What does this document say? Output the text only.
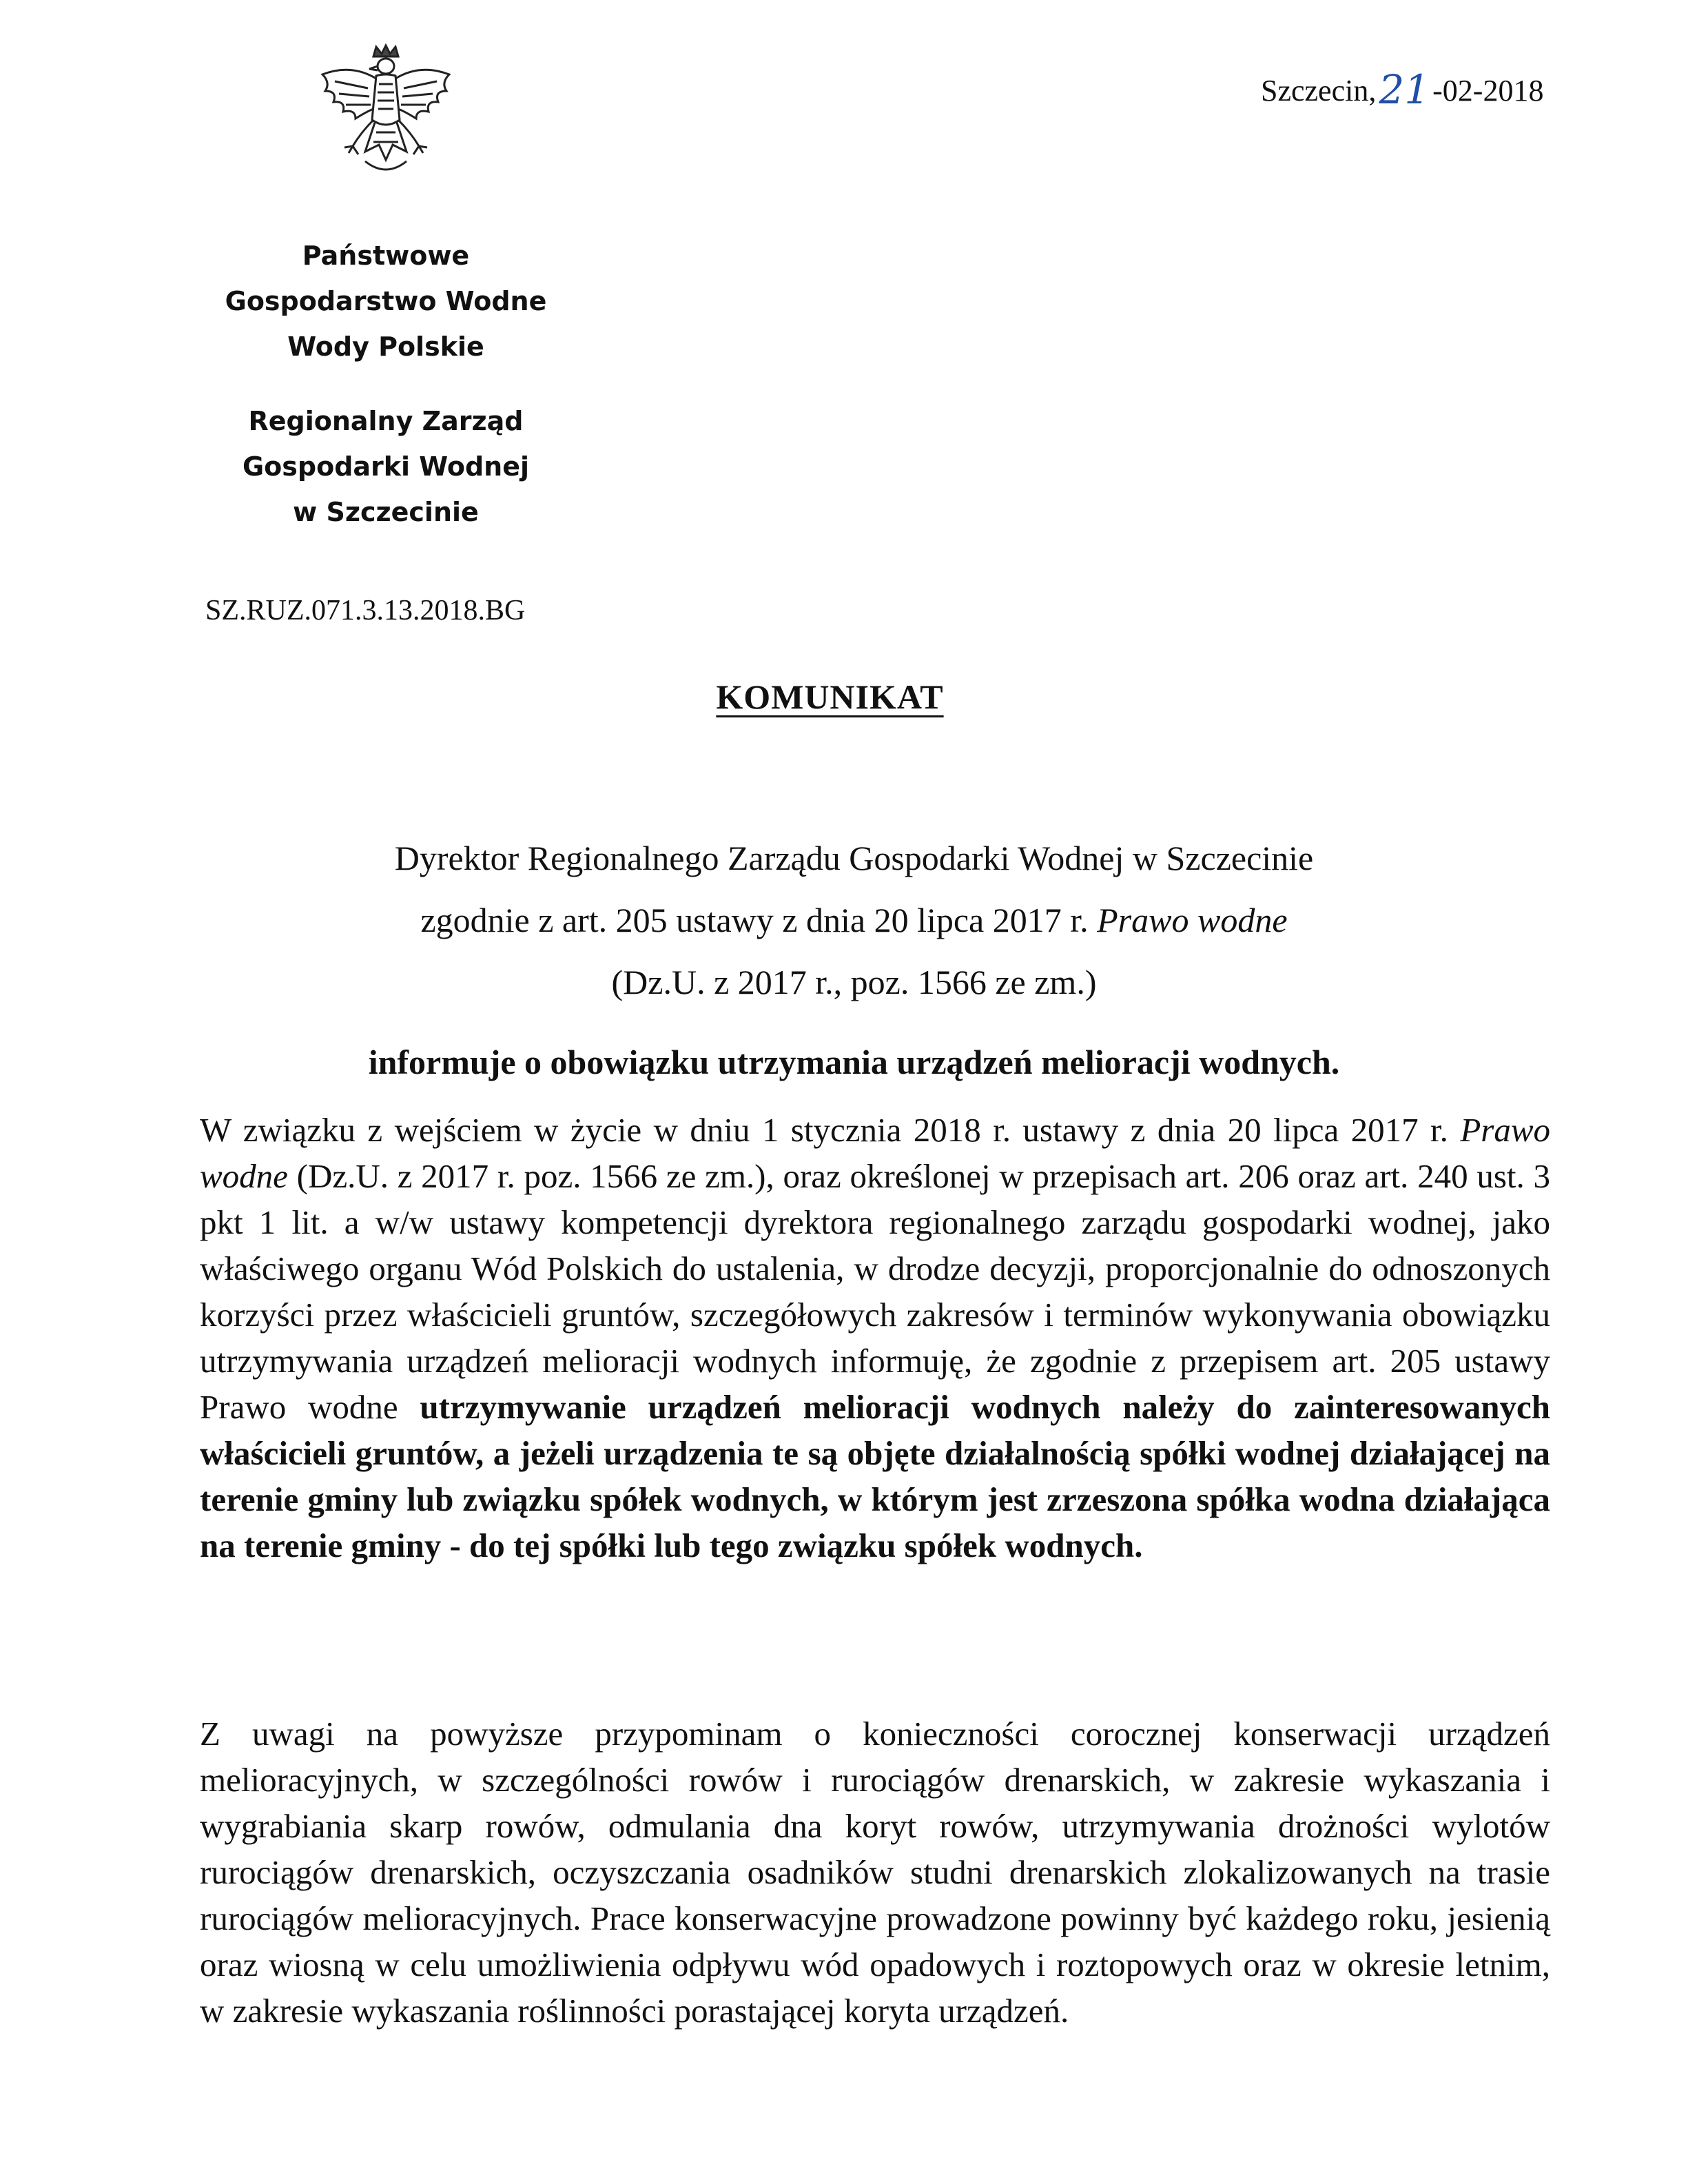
Szczecin,21-02-2018
Państwowe
Gospodarstwo Wodne
Wody Polskie
Regionalny Zarząd
Gospodarki Wodnej
w Szczecinie
SZ.RUZ.071.3.13.2018.BG
KOMUNIKAT
Dyrektor Regionalnego Zarządu Gospodarki Wodnej w Szczecinie
zgodnie z art. 205 ustawy z dnia 20 lipca 2017 r. Prawo wodne
(Dz.U. z 2017 r., poz. 1566 ze zm.)
informuje o obowiązku utrzymania urządzeń melioracji wodnych.
W związku z wejściem w życie w dniu 1 stycznia 2018 r. ustawy z dnia 20 lipca 2017 r. Prawo wodne (Dz.U. z 2017 r. poz. 1566 ze zm.), oraz określonej w przepisach art. 206 oraz art. 240 ust. 3 pkt 1 lit. a w/w ustawy kompetencji dyrektora regionalnego zarządu gospodarki wodnej, jako właściwego organu Wód Polskich do ustalenia, w drodze decyzji, proporcjonalnie do odnoszonych korzyści przez właścicieli gruntów, szczegółowych zakresów i terminów wykonywania obowiązku utrzymywania urządzeń melioracji wodnych informuję, że zgodnie z przepisem art. 205 ustawy Prawo wodne utrzymywanie urządzeń melioracji wodnych należy do zainteresowanych właścicieli gruntów, a jeżeli urządzenia te są objęte działalnością spółki wodnej działającej na terenie gminy lub związku spółek wodnych, w którym jest zrzeszona spółka wodna działająca na terenie gminy - do tej spółki lub tego związku spółek wodnych.
Z uwagi na powyższe przypominam o konieczności corocznej konserwacji urządzeń melioracyjnych, w szczególności rowów i rurociągów drenarskich, w zakresie wykaszania i wygrabiania skarp rowów, odmulania dna koryt rowów, utrzymywania drożności wylotów rurociągów drenarskich, oczyszczania osadników studni drenarskich zlokalizowanych na trasie rurociągów melioracyjnych. Prace konserwacyjne prowadzone powinny być każdego roku, jesienią oraz wiosną w celu umożliwienia odpływu wód opadowych i roztopowych oraz w okresie letnim, w zakresie wykaszania roślinności porastającej koryta urządzeń.
